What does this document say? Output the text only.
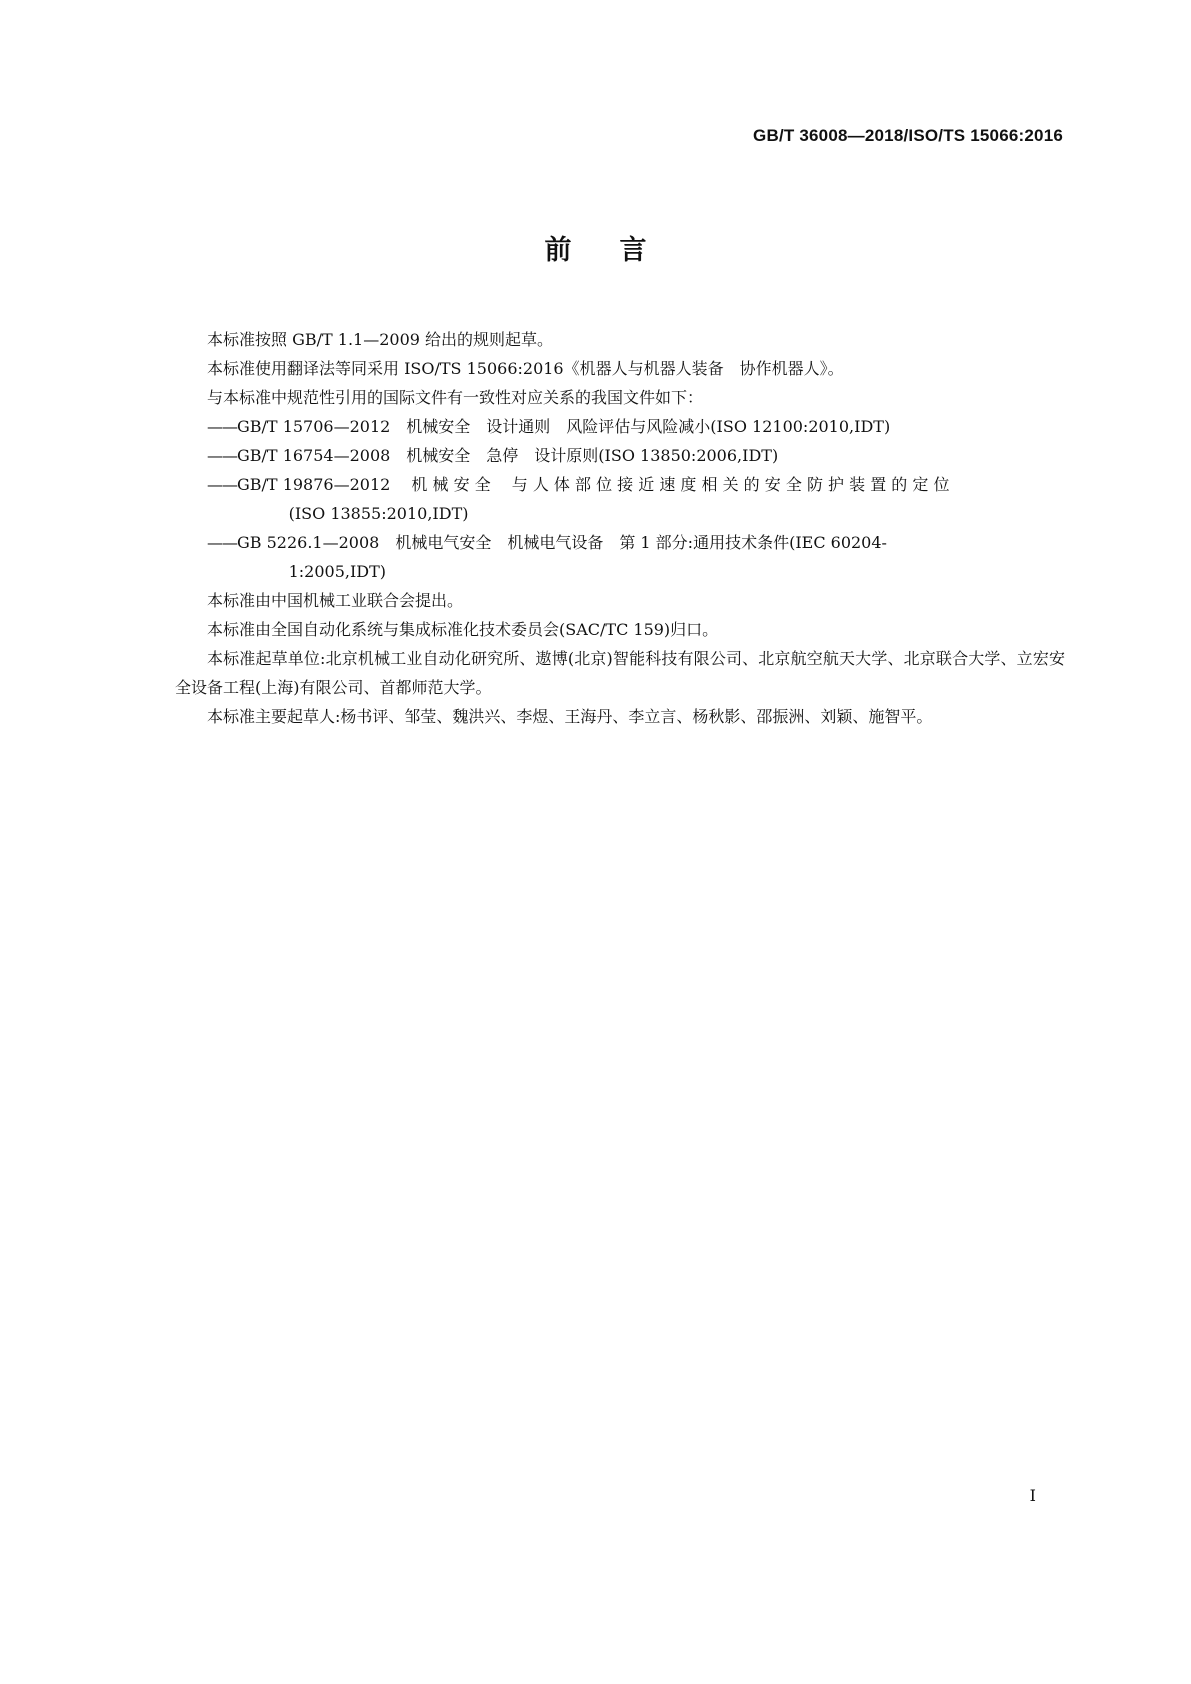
GB/T 36008—2018/ISO/TS 15066:2016
前言

本标准按照 GB/T 1.1—2009 给出的规则起草。

本标准使用翻译法等同采用 ISO/TS 15066:2016《机器人与机器人装备　协作机器人》。

与本标准中规范性引用的国际文件有一致性对应关系的我国文件如下：

——GB/T 15706—2012　机械安全　设计通则　风险评估与风险减小(ISO 12100:2010,IDT)

——GB/T 16754—2008　机械安全　急停　设计原则(ISO 13850:2006,IDT)

——GB/T 19876—2012　 机 械 安 全　 与 人 体 部 位 接 近 速 度 相 关 的 安 全 防 护 装 置 的 定 位
(ISO 13855:2010,IDT)

——GB 5226.1—2008　机械电气安全　机械电气设备　第 1 部分:通用技术条件(IEC 60204-
1:2005,IDT)

本标准由中国机械工业联合会提出。

本标准由全国自动化系统与集成标准化技术委员会(SAC/TC 159)归口。

本标准起草单位:北京机械工业自动化研究所、遨博(北京)智能科技有限公司、北京航空航天大学、北京联合大学、立宏安全设备工程(上海)有限公司、首都师范大学。

本标准主要起草人:杨书评、邹莹、魏洪兴、李煜、王海丹、李立言、杨秋影、邵振洲、刘颖、施智平。

I
